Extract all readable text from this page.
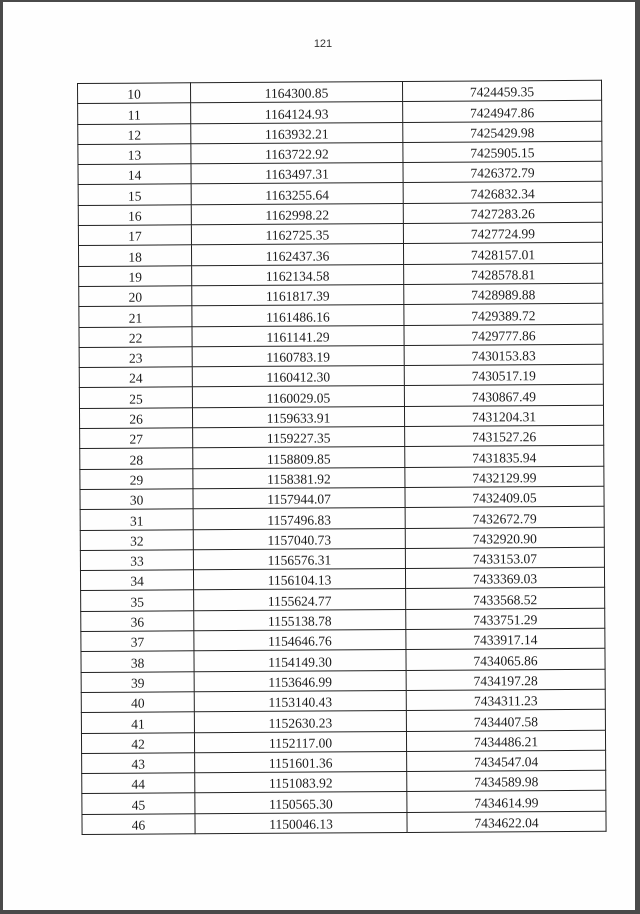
121
10	1164300.85	7424459.35
11	1164124.93	7424947.86
12	1163932.21	7425429.98
13	1163722.92	7425905.15
14	1163497.31	7426372.79
15	1163255.64	7426832.34
16	1162998.22	7427283.26
17	1162725.35	7427724.99
18	1162437.36	7428157.01
19	1162134.58	7428578.81
20	1161817.39	7428989.88
21	1161486.16	7429389.72
22	1161141.29	7429777.86
23	1160783.19	7430153.83
24	1160412.30	7430517.19
25	1160029.05	7430867.49
26	1159633.91	7431204.31
27	1159227.35	7431527.26
28	1158809.85	7431835.94
29	1158381.92	7432129.99
30	1157944.07	7432409.05
31	1157496.83	7432672.79
32	1157040.73	7432920.90
33	1156576.31	7433153.07
34	1156104.13	7433369.03
35	1155624.77	7433568.52
36	1155138.78	7433751.29
37	1154646.76	7433917.14
38	1154149.30	7434065.86
39	1153646.99	7434197.28
40	1153140.43	7434311.23
41	1152630.23	7434407.58
42	1152117.00	7434486.21
43	1151601.36	7434547.04
44	1151083.92	7434589.98
45	1150565.30	7434614.99
46	1150046.13	7434622.04
